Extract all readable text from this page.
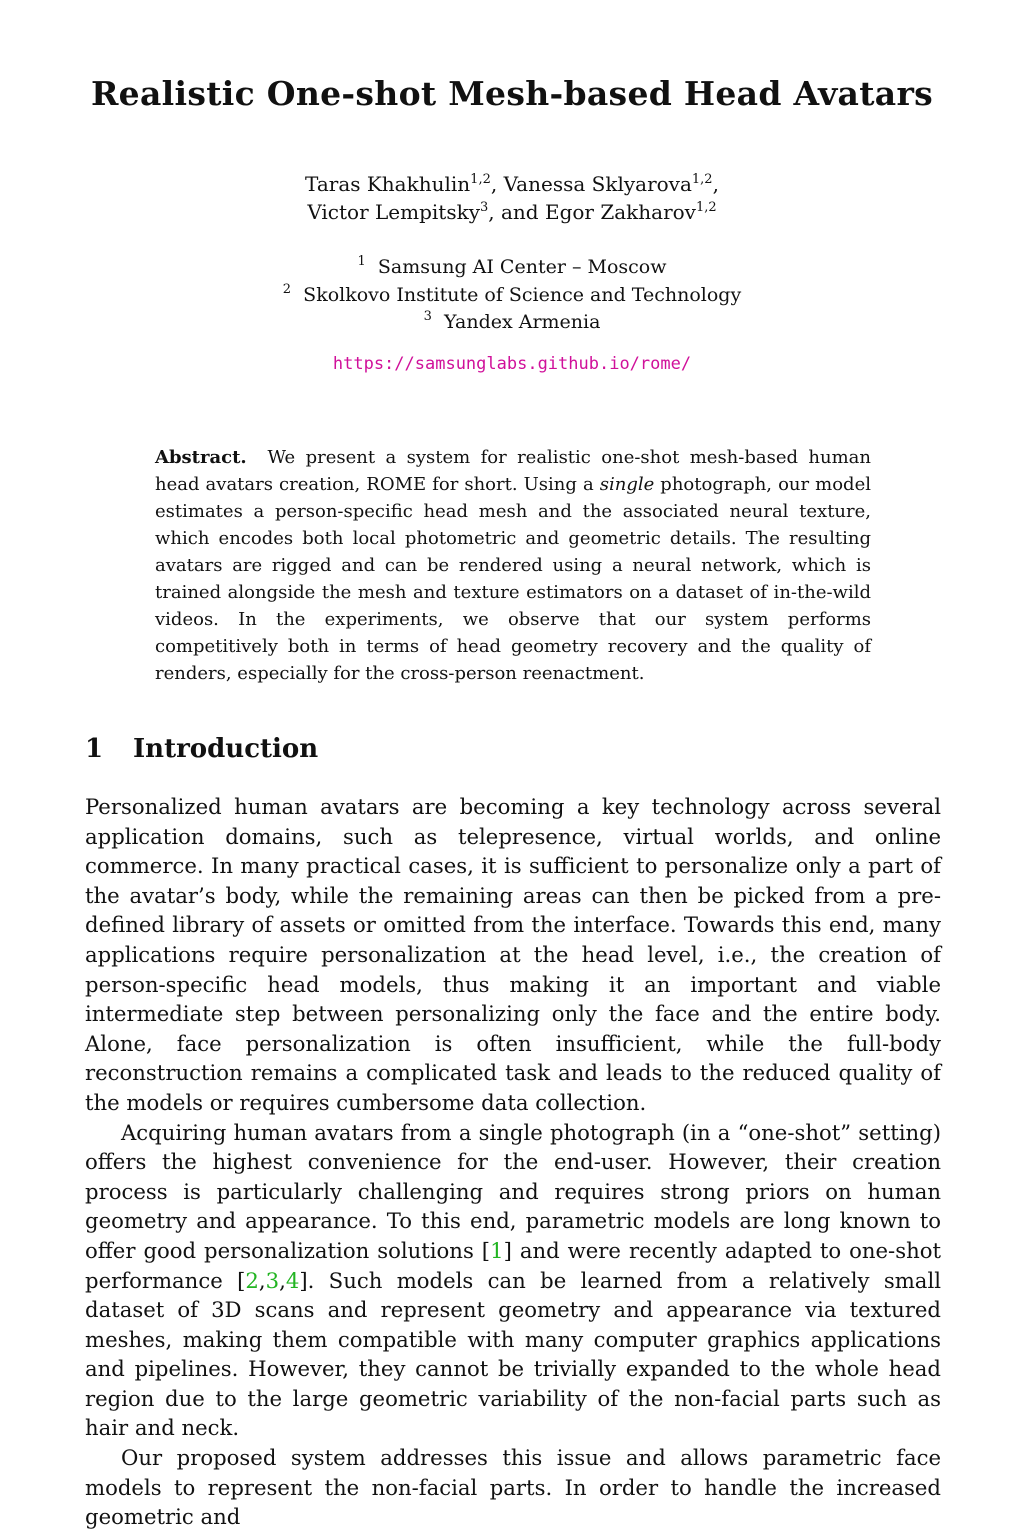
Realistic One-shot Mesh-based Head Avatars
Taras Khakhulin$^{1,2}$, Vanessa Sklyarova$^{1,2}$,
Victor Lempitsky$^3$, and Egor Zakharov$^{1,2}$
$^1$ Samsung AI Center – Moscow
$^2$ Skolkovo Institute of Science and Technology
$^3$ Yandex Armenia
https://samsunglabs.github.io/rome/
Abstract. We present a system for realistic one-shot mesh-based human head avatars creation, ROME for short. Using a single photograph, our model estimates a person-specific head mesh and the associated neural texture, which encodes both local photometric and geometric details. The resulting avatars are rigged and can be rendered using a neural network, which is trained alongside the mesh and texture estimators on a dataset of in-the-wild videos. In the experiments, we observe that our system performs competitively both in terms of head geometry recovery and the quality of renders, especially for the cross-person reenactment.
1 Introduction

Personalized human avatars are becoming a key technology across several application domains, such as telepresence, virtual worlds, and online commerce. In many practical cases, it is sufficient to personalize only a part of the avatar’s body, while the remaining areas can then be picked from a pre-defined library of assets or omitted from the interface. Towards this end, many applications require personalization at the head level, i.e., the creation of person-specific head models, thus making it an important and viable intermediate step between personalizing only the face and the entire body. Alone, face personalization is often insufficient, while the full-body reconstruction remains a complicated task and leads to the reduced quality of the models or requires cumbersome data collection.

Acquiring human avatars from a single photograph (in a “one-shot” setting) offers the highest convenience for the end-user. However, their creation process is particularly challenging and requires strong priors on human geometry and appearance. To this end, parametric models are long known to offer good personalization solutions [1] and were recently adapted to one-shot performance [2,3,4]. Such models can be learned from a relatively small dataset of 3D scans and represent geometry and appearance via textured meshes, making them compatible with many computer graphics applications and pipelines. However, they cannot be trivially expanded to the whole head region due to the large geometric variability of the non-facial parts such as hair and neck.

Our proposed system addresses this issue and allows parametric face models to represent the non-facial parts. In order to handle the increased geometric and
